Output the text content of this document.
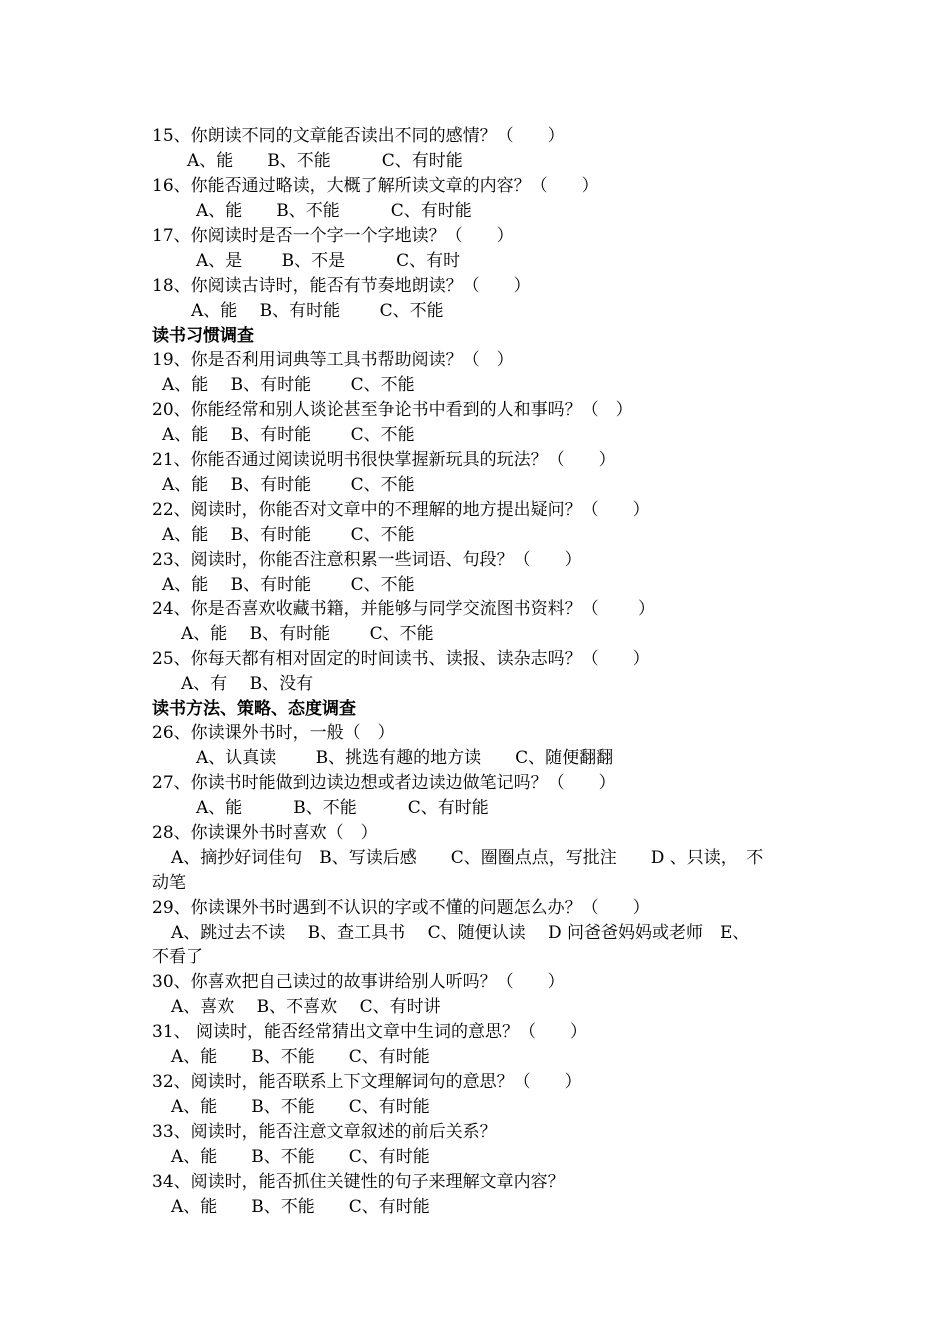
15、你朗读不同的文章能否读出不同的感情？（　　）
A、能　　B、不能　　　C、有时能
16、你能否通过略读，大概了解所读文章的内容？（　　）
A、能　　B、不能　　　C、有时能
17、你阅读时是否一个字一个字地读？（　　）
A、是　　 B、不是　　　C、有时
18、你阅读古诗时，能否有节奏地朗读？（　　）
A、能　 B、有时能　　 C、不能
读书习惯调查
19、你是否利用词典等工具书帮助阅读？（　）
A、能　 B、有时能　　 C、不能
20、你能经常和别人谈论甚至争论书中看到的人和事吗？（　）
A、能　 B、有时能　　 C、不能
21、你能否通过阅读说明书很快掌握新玩具的玩法？（　　）
A、能　 B、有时能　　 C、不能
22、阅读时，你能否对文章中的不理解的地方提出疑问？（　　）
A、能　 B、有时能　　 C、不能
23、阅读时，你能否注意积累一些词语、句段？（　　）
A、能　 B、有时能　　 C、不能
24、你是否喜欢收藏书籍，并能够与同学交流图书资料？（　　 ）
A、能　 B、有时能　　 C、不能
25、你每天都有相对固定的时间读书、读报、读杂志吗？（　　）
A、有　 B、没有
读书方法、策略、态度调查
26、你读课外书时，一般（　）
A、认真读　　 B、挑选有趣的地方读　　C、随便翻翻
27、你读书时能做到边读边想或者边读边做笔记吗？（　　）
A、能　　　B、不能　　　C、有时能
28、你读课外书时喜欢（　）
A、摘抄好词佳句　B、写读后感　　C、圈圈点点，写批注　　D 、只读，　不
动笔
29、你读课外书时遇到不认识的字或不懂的问题怎么办？（　　）
A、跳过去不读　 B、查工具书　 C、随便认读　 D 问爸爸妈妈或老师　E、
不看了
30、你喜欢把自己读过的故事讲给别人听吗？（　　）
A、喜欢　 B、不喜欢　 C、有时讲
31、 阅读时，能否经常猜出文章中生词的意思？（　　）
A、能　　B、不能　　C、有时能
32、阅读时，能否联系上下文理解词句的意思？（　　）
A、能　　B、不能　　C、有时能
33、阅读时，能否注意文章叙述的前后关系？
A、能　　B、不能　　C、有时能
34、阅读时，能否抓住关键性的句子来理解文章内容？
A、能　　B、不能　　C、有时能
